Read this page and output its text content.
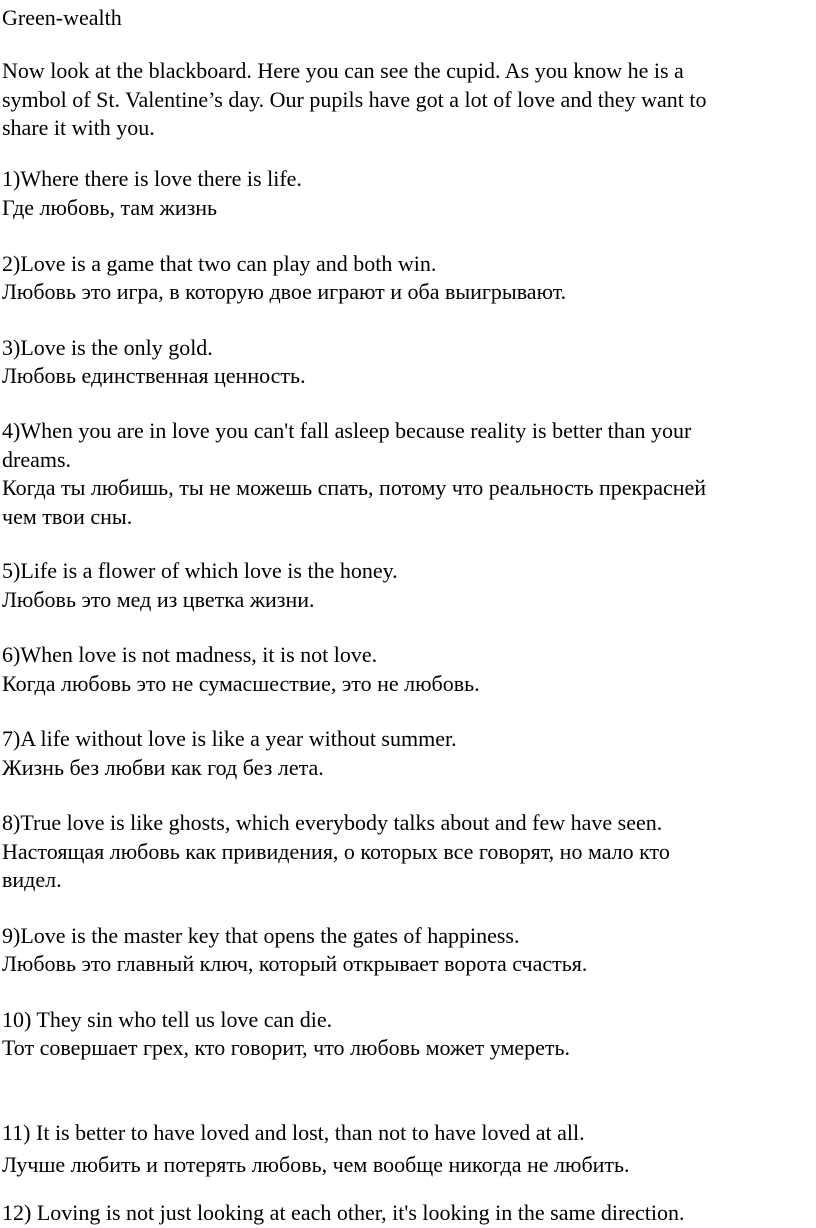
Green-wealth
Now look at the blackboard. Here you can see the cupid. As you know he is a
symbol of St. Valentine’s day. Our pupils have got a lot of love and they want to
share it with you.
1)Where there is love there is life.
Где любовь, там жизнь
2)Love is a game that two can play and both win.
Любовь это игра, в которую двое играют и оба выигрывают.
3)Love is the only gold.
Любовь единственная ценность.
4)When you are in love you can't fall asleep because reality is better than your
dreams.
Когда ты любишь, ты не можешь спать, потому что реальность прекрасней
чем твои сны.
5)Life is a flower of which love is the honey.
Любовь это мед из цветка жизни.
6)When love is not madness, it is not love.
Когда любовь это не сумасшествие, это не любовь.
7)A life without love is like a year without summer.
Жизнь без любви как год без лета.
8)True love is like ghosts, which everybody talks about and few have seen.
Настоящая любовь как привидения, о которых все говорят, но мало кто
видел.
9)Love is the master key that opens the gates of happiness.
Любовь это главный ключ, который открывает ворота счастья.
10) They sin who tell us love can die.
Тот совершает грех, кто говорит, что любовь может умереть.
11) It is better to have loved and lost, than not to have loved at all.
Лучше любить и потерять любовь, чем вообще никогда не любить.
12) Loving is not just looking at each other, it's looking in the same direction.
